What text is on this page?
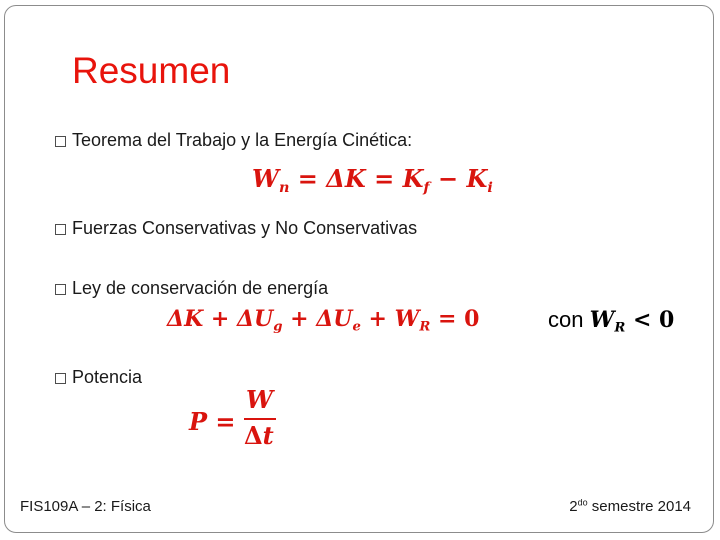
Resumen
Teorema del Trabajo y la Energía Cinética:
$W_n = \Delta K = K_f - K_i$
Fuerzas Conservativas y No Conservativas
Ley de conservación de energía
$\Delta K + \Delta U_g + \Delta U_e + W_R = 0$	con $W_R < 0$
Potencia
P =
W
Δt
FIS109A – 2: Física	$2^{do}$ semestre 2014
